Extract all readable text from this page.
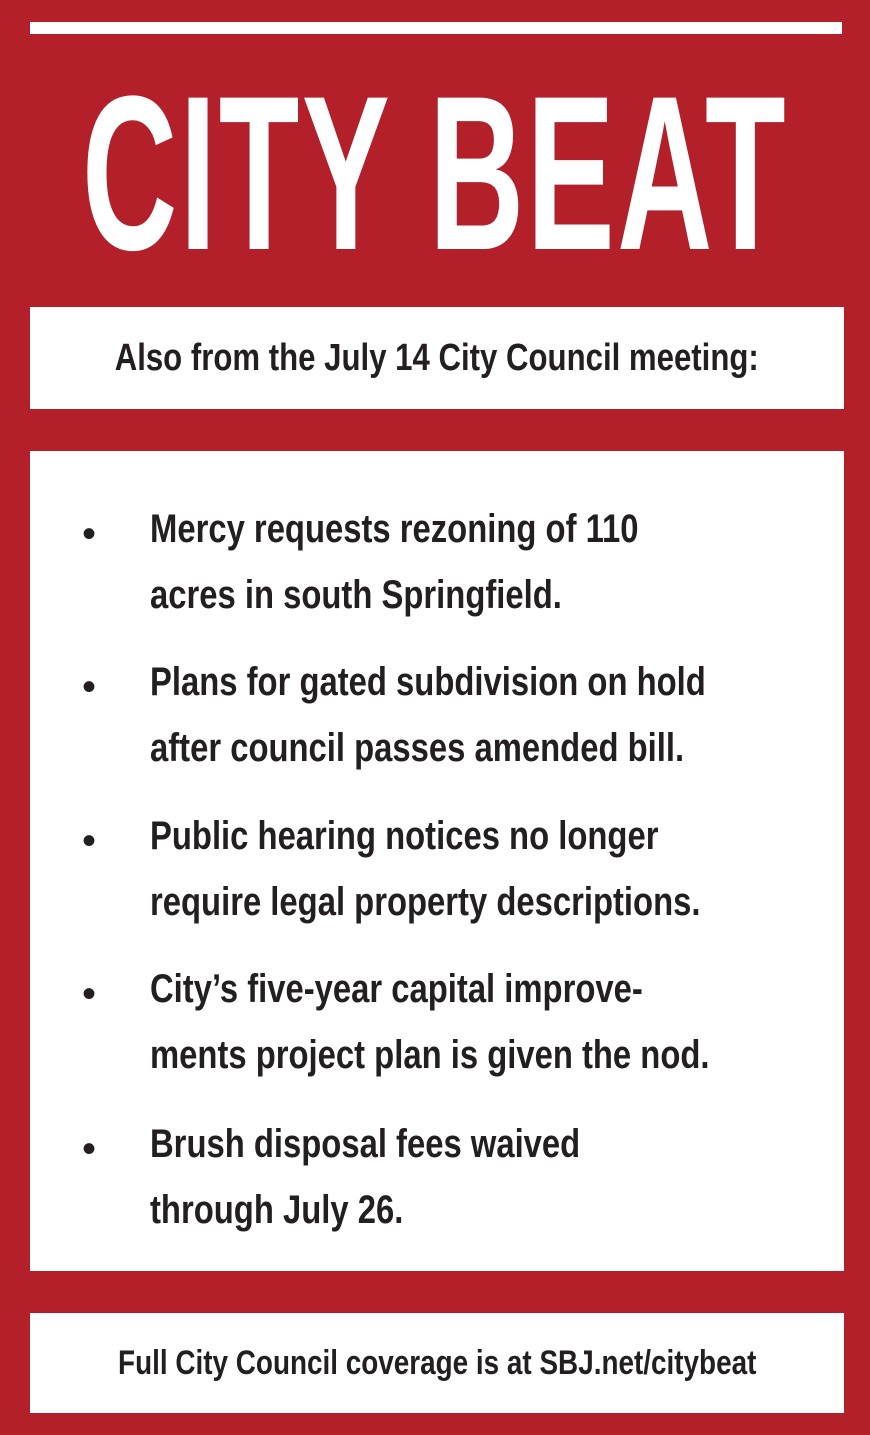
CITY BEAT
Also from the July 14 City Council meeting:
• Mercy requests rezoning of 110
acres in south Springfield.
• Plans for gated subdivision on hold
after council passes amended bill.
• Public hearing notices no longer
require legal property descriptions.
• City’s five-year capital improve-
ments project plan is given the nod.
• Brush disposal fees waived
through July 26.
Full City Council coverage is at SBJ.net/citybeat
